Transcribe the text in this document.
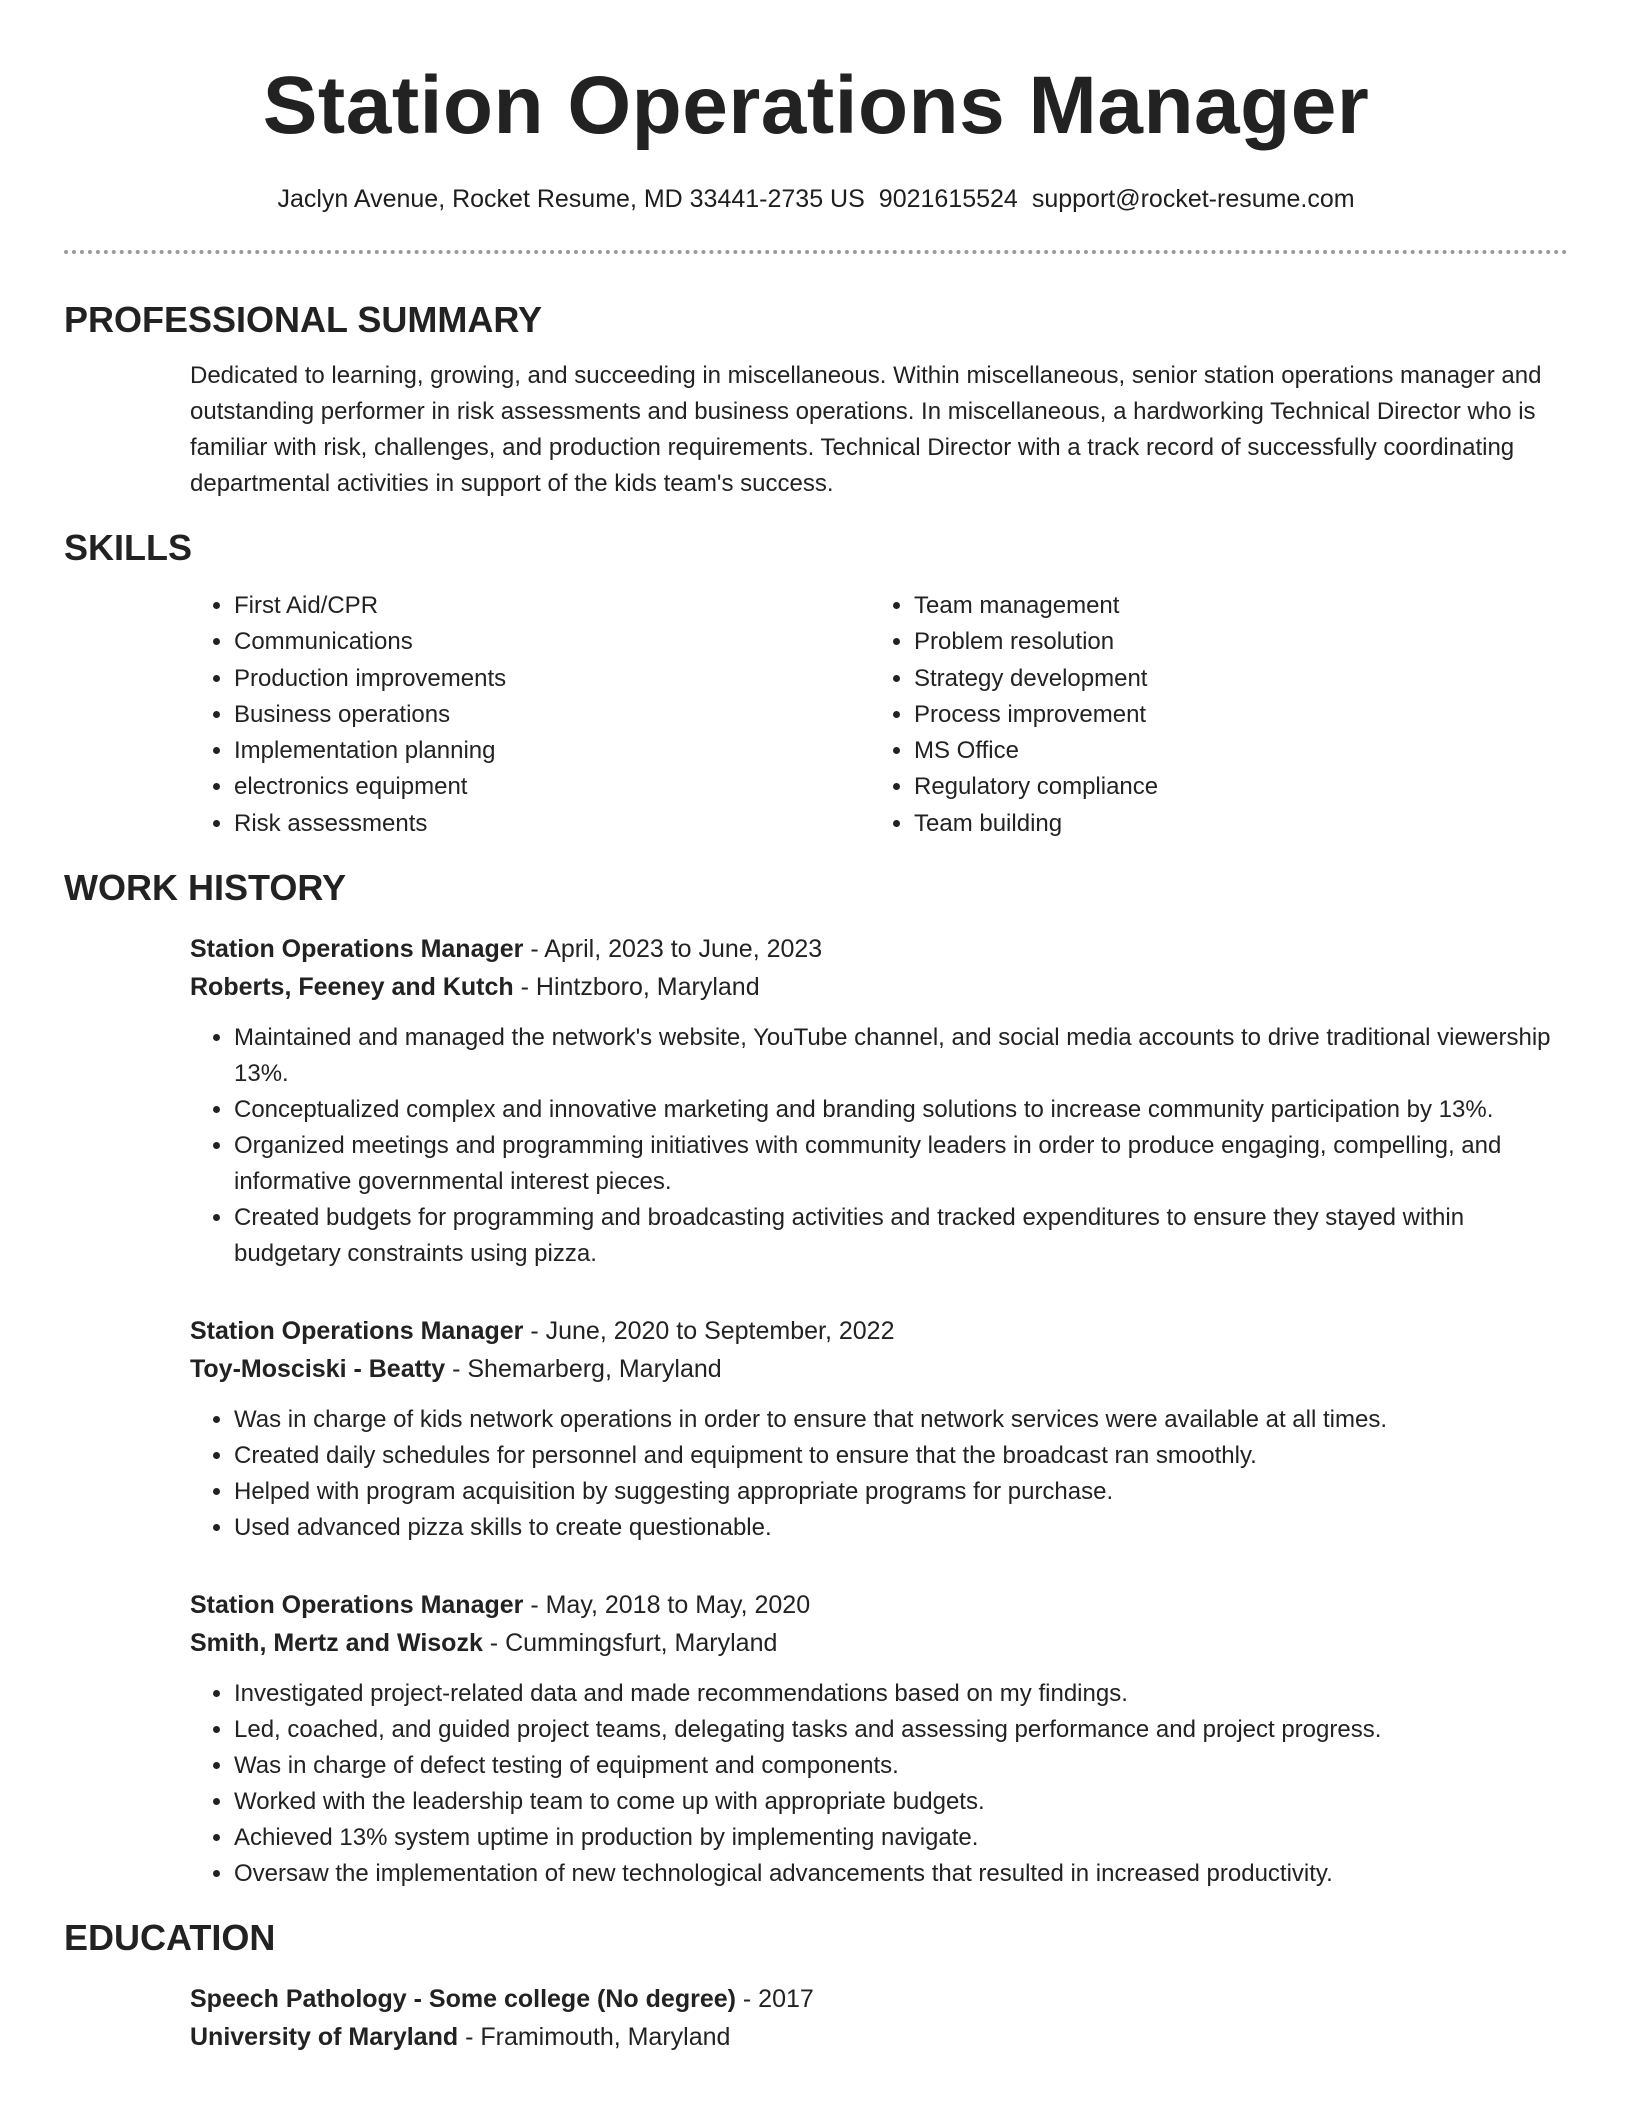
Station Operations Manager

Jaclyn Avenue, Rocket Resume, MD 33441-2735 US 9021615524 support@rocket-resume.com

PROFESSIONAL SUMMARY

Dedicated to learning, growing, and succeeding in miscellaneous. Within miscellaneous, senior station operations manager and outstanding performer in risk assessments and business operations. In miscellaneous, a hardworking Technical Director who is familiar with risk, challenges, and production requirements. Technical Director with a track record of successfully coordinating departmental activities in support of the kids team's success.

SKILLS
• First Aid/CPR
• Communications
• Production improvements
• Business operations
• Implementation planning
• electronics equipment
• Risk assessments
• Team management
• Problem resolution
• Strategy development
• Process improvement
• MS Office
• Regulatory compliance
• Team building
WORK HISTORY
Station Operations Manager - April, 2023 to June, 2023
Roberts, Feeney and Kutch - Hintzboro, Maryland
• Maintained and managed the network's website, YouTube channel, and social media accounts to drive traditional viewership 13%.
• Conceptualized complex and innovative marketing and branding solutions to increase community participation by 13%.
• Organized meetings and programming initiatives with community leaders in order to produce engaging, compelling, and informative governmental interest pieces.
• Created budgets for programming and broadcasting activities and tracked expenditures to ensure they stayed within budgetary constraints using pizza.
Station Operations Manager - June, 2020 to September, 2022
Toy-Mosciski - Beatty - Shemarberg, Maryland
• Was in charge of kids network operations in order to ensure that network services were available at all times.
• Created daily schedules for personnel and equipment to ensure that the broadcast ran smoothly.
• Helped with program acquisition by suggesting appropriate programs for purchase.
• Used advanced pizza skills to create questionable.
Station Operations Manager - May, 2018 to May, 2020
Smith, Mertz and Wisozk - Cummingsfurt, Maryland
• Investigated project-related data and made recommendations based on my findings.
• Led, coached, and guided project teams, delegating tasks and assessing performance and project progress.
• Was in charge of defect testing of equipment and components.
• Worked with the leadership team to come up with appropriate budgets.
• Achieved 13% system uptime in production by implementing navigate.
• Oversaw the implementation of new technological advancements that resulted in increased productivity.
EDUCATION
Speech Pathology - Some college (No degree) - 2017
University of Maryland - Framimouth, Maryland
